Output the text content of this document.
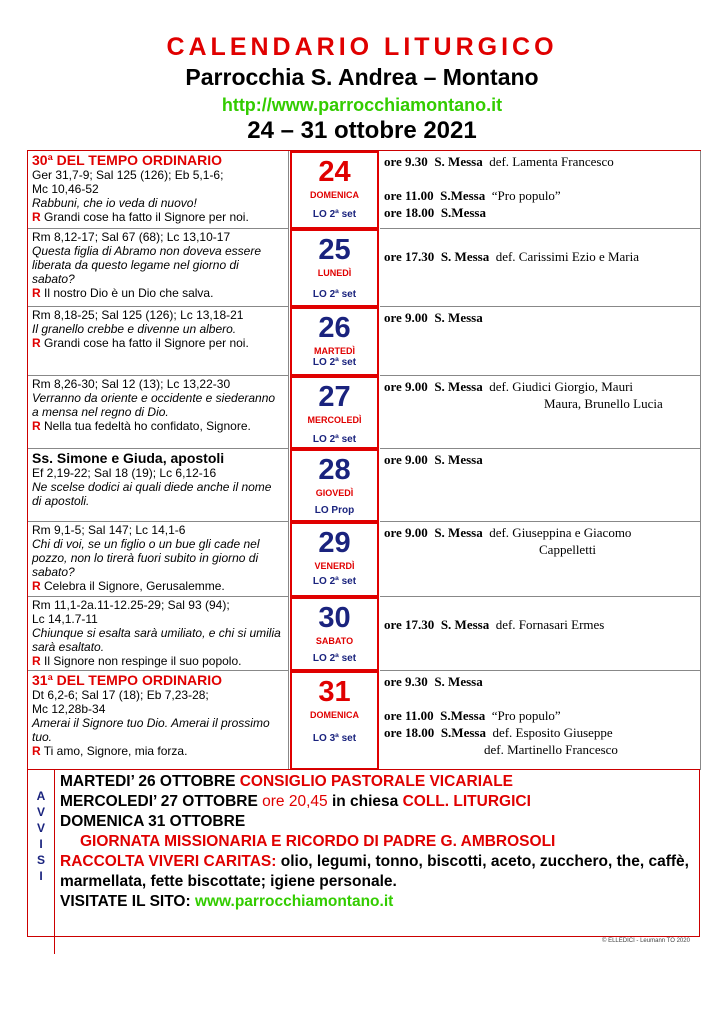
CALENDARIO LITURGICO
Parrocchia S. Andrea – Montano
http://www.parrocchiamontano.it
24 – 31 ottobre 2021
30ª DEL TEMPO ORDINARIO
Ger 31,7-9; Sal 125 (126); Eb 5,1-6;
Mc 10,46-52
Rabbuni, che io veda di nuovo!
R Grandi cose ha fatto il Signore per noi.
24
DOMENICA
LO 2ª set
ore 9.30 S. Messa def. Lamenta Francesco
ore 11.00 S.Messa “Pro populo”
ore 18.00 S.Messa
Rm 8,12-17; Sal 67 (68); Lc 13,10-17
Questa figlia di Abramo non doveva essere liberata da questo legame nel giorno di sabato?
R Il nostro Dio è un Dio che salva.
25
LUNEDÌ
LO 2ª set
ore 17.30 S. Messa def. Carissimi Ezio e Maria
Rm 8,18-25; Sal 125 (126); Lc 13,18-21
Il granello crebbe e divenne un albero.
R Grandi cose ha fatto il Signore per noi.	26
MARTEDÌ
LO 2ª set
ore 9.00 S. Messa
Rm 8,26-30; Sal 12 (13); Lc 13,22-30
Verranno da oriente e occidente e siederanno a mensa nel regno di Dio.
R Nella tua fedeltà ho confidato, Signore.
27
MERCOLEDÌ
LO 2ª set
ore 9.00 S. Messa def. Giudici Giorgio, Mauri
Maura, Brunello Lucia
Ss. Simone e Giuda, apostoli
Ef 2,19-22; Sal 18 (19); Lc 6,12-16
Ne scelse dodici ai quali diede anche il nome di apostoli.
28
GIOVEDÌ
LO Prop
ore 9.00 S. Messa
Rm 9,1-5; Sal 147; Lc 14,1-6
Chi di voi, se un figlio o un bue gli cade nel pozzo, non lo tirerà fuori subito in giorno di sabato?
R Celebra il Signore, Gerusalemme.
29
VENERDÌ
LO 2ª set
ore 9.00 S. Messa def. Giuseppina e Giacomo
Cappelletti
Rm 11,1-2a.11-12.25-29; Sal 93 (94);
Lc 14,1.7-11
Chiunque si esalta sarà umiliato, e chi si umilia sarà esaltato.
R Il Signore non respinge il suo popolo.
30
SABATO
LO 2ª set
ore 17.30 S. Messa def. Fornasari Ermes
31ª DEL TEMPO ORDINARIO
Dt 6,2-6; Sal 17 (18); Eb 7,23-28;
Mc 12,28b-34
Amerai il Signore tuo Dio. Amerai il prossimo tuo.
R Ti amo, Signore, mia forza.
31
DOMENICA
LO 3ª set
ore 9.30 S. Messa
ore 11.00 S.Messa “Pro populo”
ore 18.00 S.Messa def. Esposito Giuseppe
def. Martinello Francesco
A
V
V
I
S
I
MARTEDI’ 26 OTTOBRE CONSIGLIO PASTORALE VICARIALE
MERCOLEDI’ 27 OTTOBRE ore 20,45 in chiesa COLL. LITURGICI
DOMENICA 31 OTTOBRE
GIORNATA MISSIONARIA E RICORDO DI PADRE G. AMBROSOLI
RACCOLTA VIVERI CARITAS: olio, legumi, tonno, biscotti, aceto, zucchero, the, caffè, marmellata, fette biscottate; igiene personale.
VISITATE IL SITO: www.parrocchiamontano.it
© ELLEDICI - Leumann TO 2020
